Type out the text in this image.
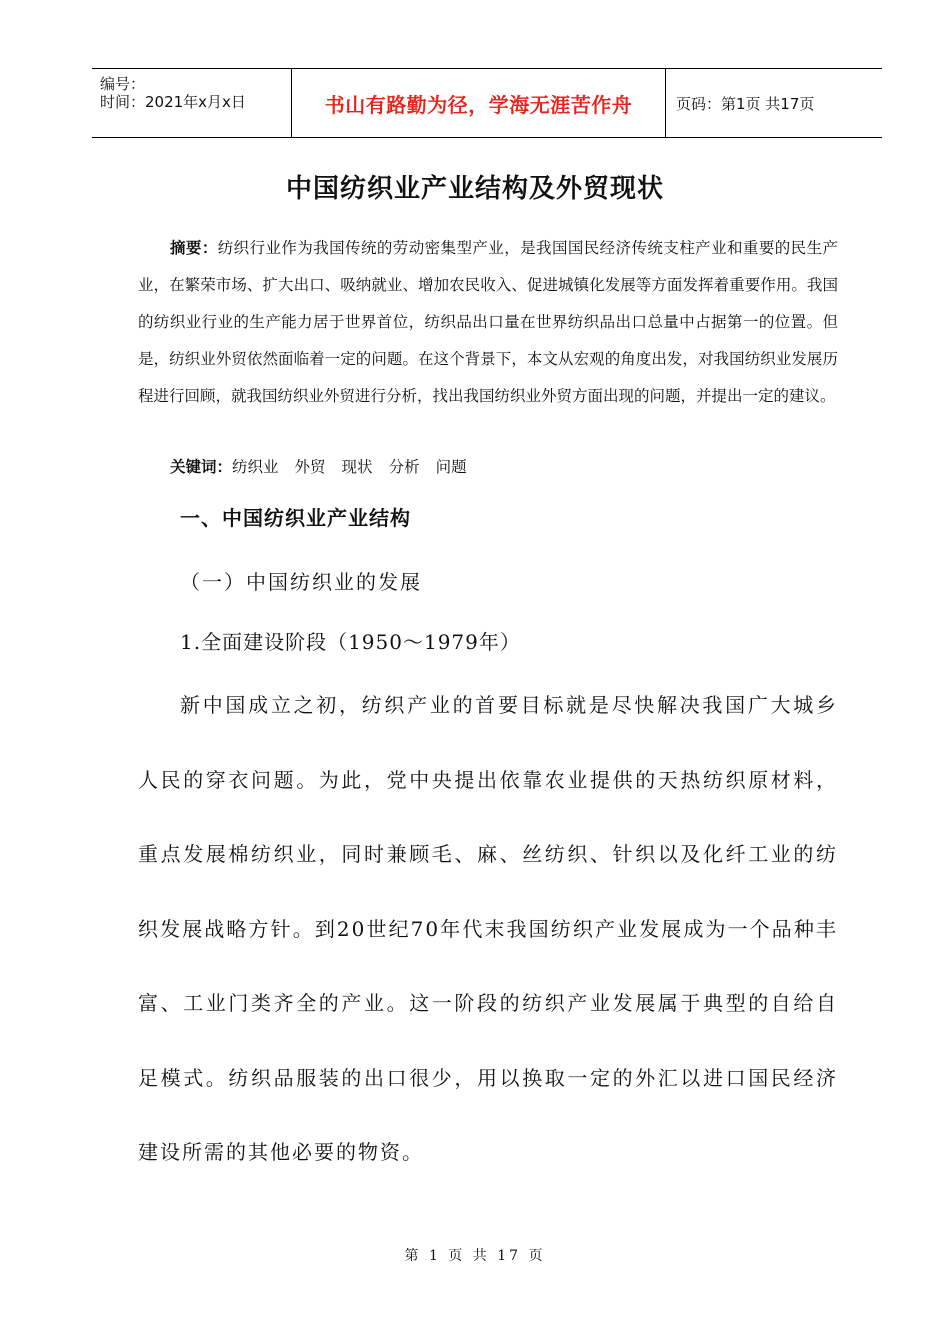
编号：
时间：2021年x月x日	书山有路勤为径，学海无涯苦作舟	页码：第1页 共17页
中国纺织业产业结构及外贸现状
摘要：纺织行业作为我国传统的劳动密集型产业，是我国国民经济传统支柱产业和重要的民生产业，在繁荣市场、扩大出口、吸纳就业、增加农民收入、促进城镇化发展等方面发挥着重要作用。我国的纺织业行业的生产能力居于世界首位，纺织品出口量在世界纺织品出口总量中占据第一的位置。但是，纺织业外贸依然面临着一定的问题。在这个背景下，本文从宏观的角度出发，对我国纺织业发展历程进行回顾，就我国纺织业外贸进行分析，找出我国纺织业外贸方面出现的问题，并提出一定的建议。
关键词：纺织业 外贸 现状 分析 问题
一、中国纺织业产业结构
（一）中国纺织业的发展
1.全面建设阶段（1950～1979年）
新中国成立之初，纺织产业的首要目标就是尽快解决我国广大城乡人民的穿衣问题。为此，党中央提出依靠农业提供的天热纺织原材料，重点发展棉纺织业，同时兼顾毛、麻、丝纺织、针织以及化纤工业的纺织发展战略方针。到20世纪70年代末我国纺织产业发展成为一个品种丰富、工业门类齐全的产业。这一阶段的纺织产业发展属于典型的自给自足模式。纺织品服装的出口很少，用以换取一定的外汇以进口国民经济建设所需的其他必要的物资。
第 1 页 共 17 页
